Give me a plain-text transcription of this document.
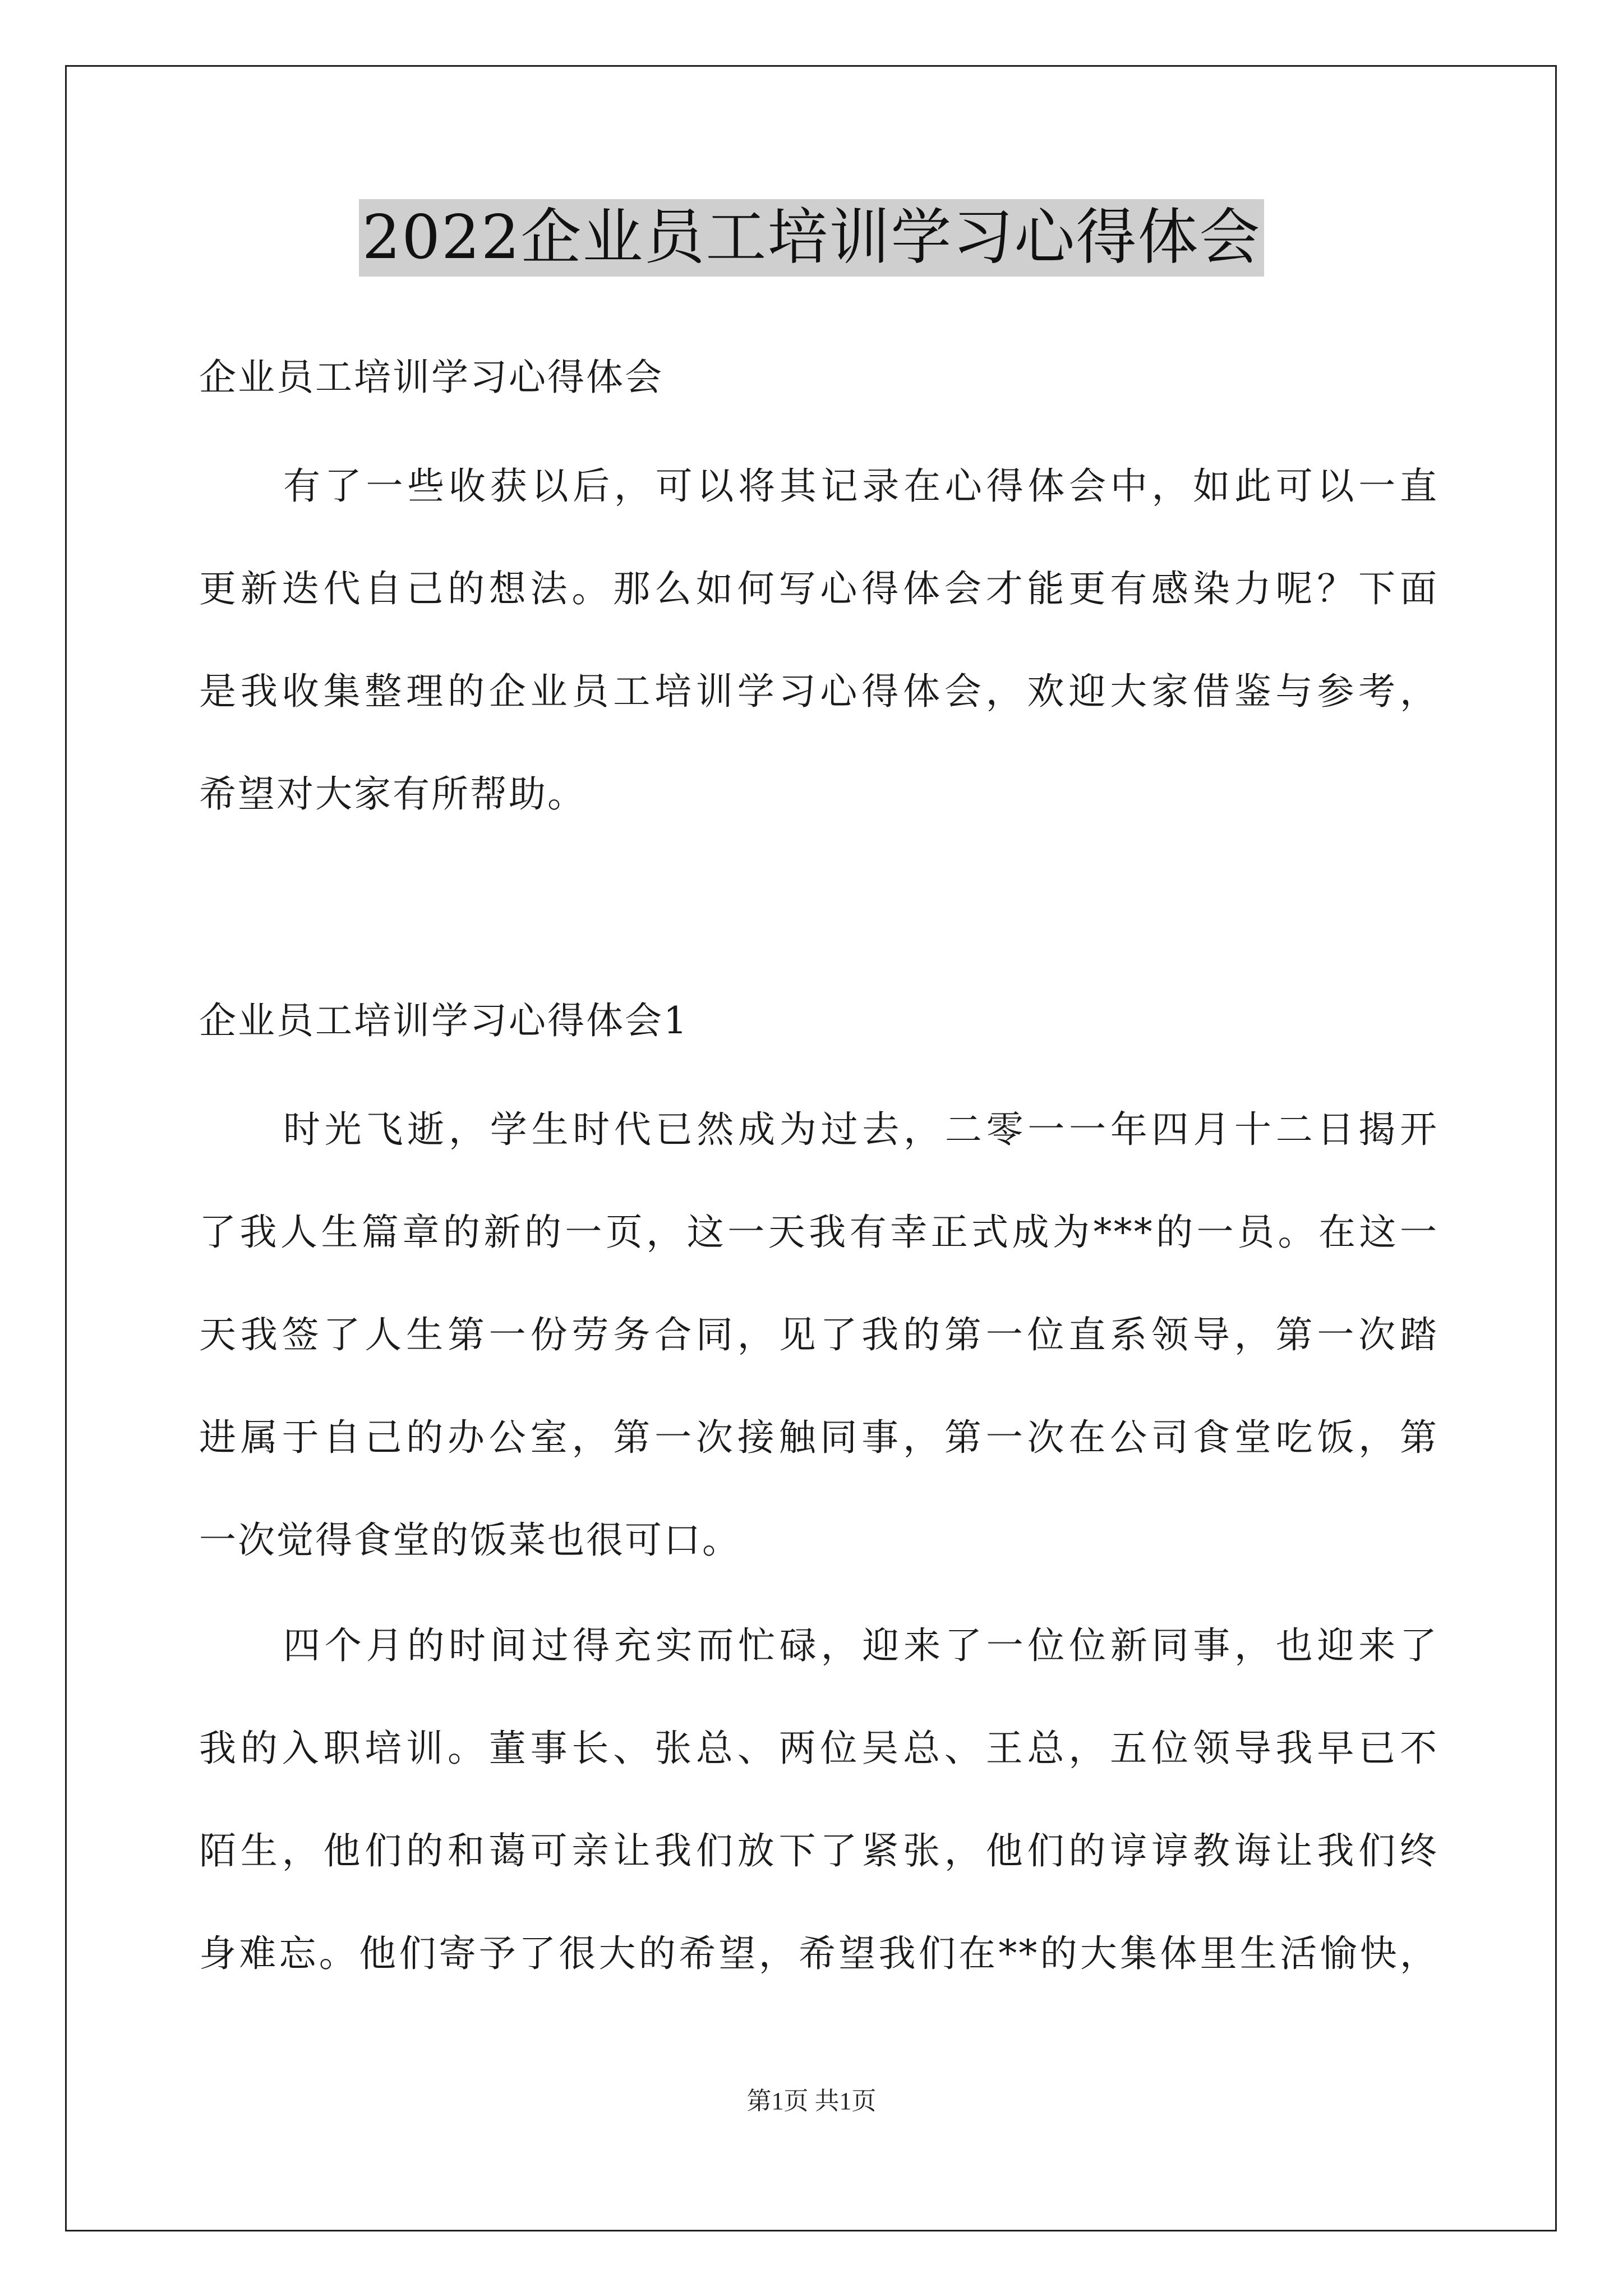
2022企业员工培训学习心得体会
企业员工培训学习心得体会
有了一些收获以后，可以将其记录在心得体会中，如此可以一直
更新迭代自己的想法。那么如何写心得体会才能更有感染力呢？下面
是我收集整理的企业员工培训学习心得体会，欢迎大家借鉴与参考，
希望对大家有所帮助。
企业员工培训学习心得体会1
时光飞逝，学生时代已然成为过去，二零一一年四月十二日揭开
了我人生篇章的新的一页，这一天我有幸正式成为***的一员。在这一
天我签了人生第一份劳务合同，见了我的第一位直系领导，第一次踏
进属于自己的办公室，第一次接触同事，第一次在公司食堂吃饭，第
一次觉得食堂的饭菜也很可口。
四个月的时间过得充实而忙碌，迎来了一位位新同事，也迎来了
我的入职培训。董事长、张总、两位吴总、王总，五位领导我早已不
陌生，他们的和蔼可亲让我们放下了紧张，他们的谆谆教诲让我们终
身难忘。他们寄予了很大的希望，希望我们在**的大集体里生活愉快，
第1页 共1页
